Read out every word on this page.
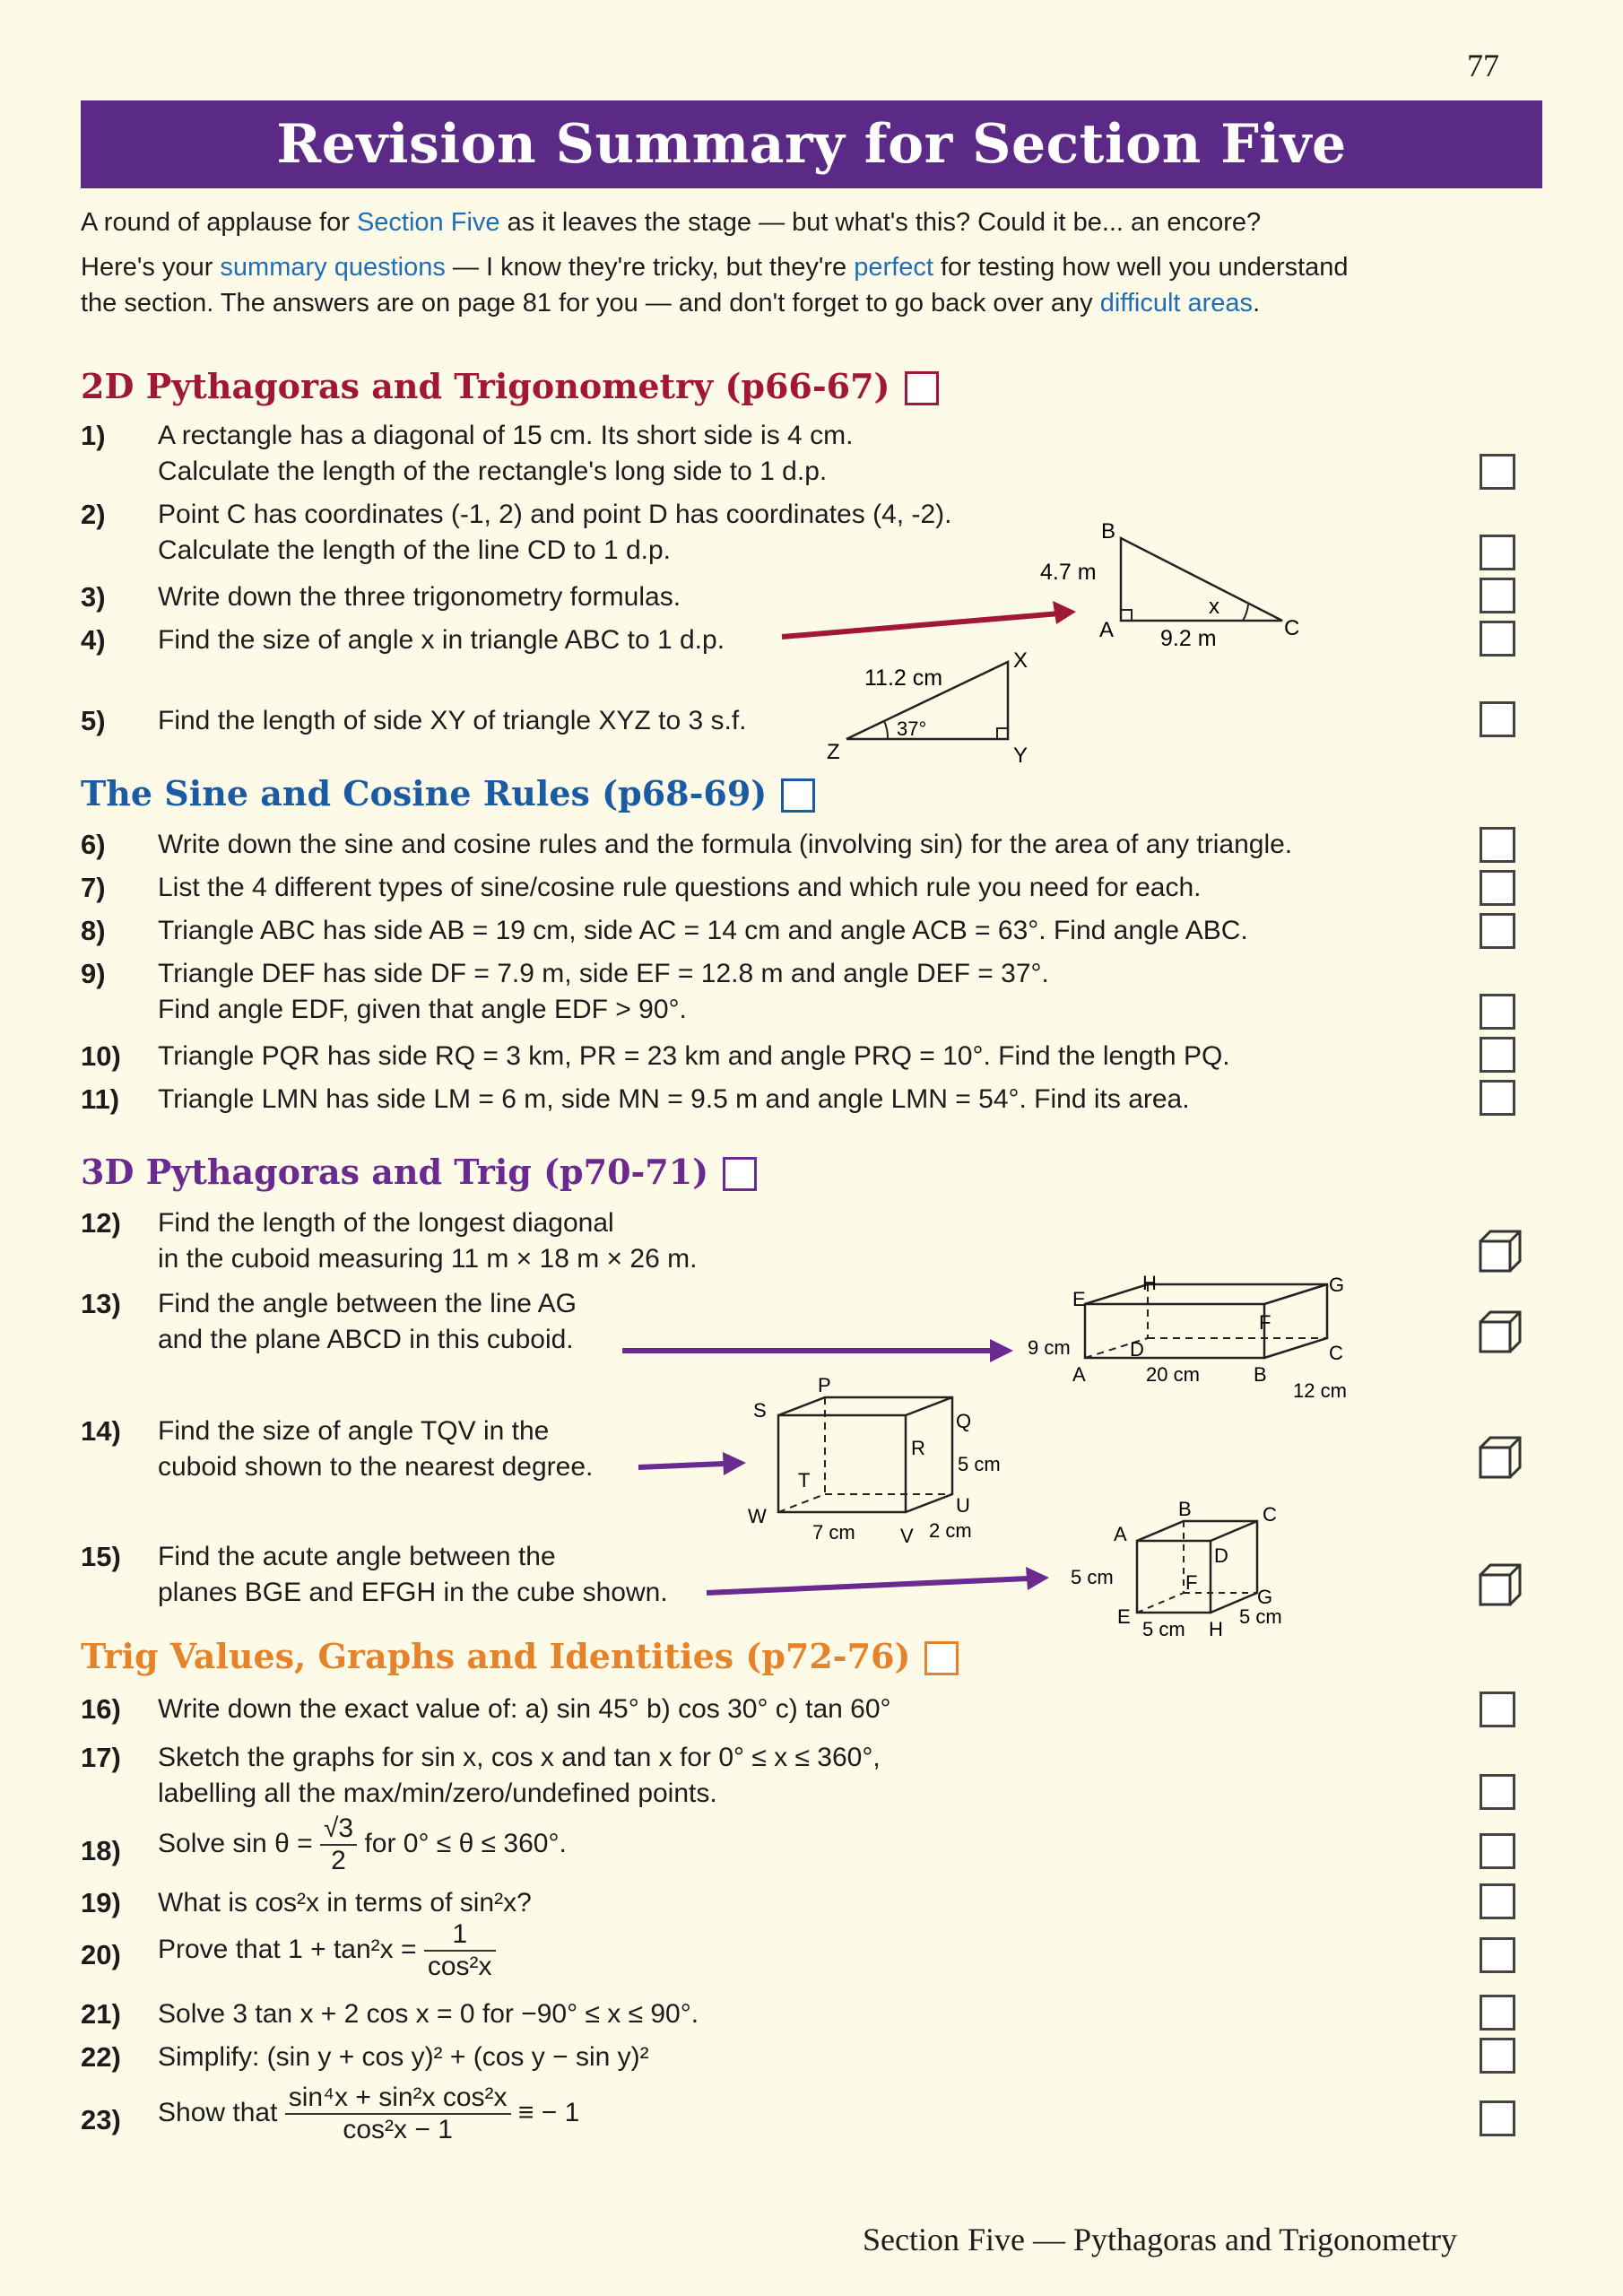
77
Revision Summary for Section Five
A round of applause for Section Five as it leaves the stage — but what's this? Could it be... an encore?
Here's your summary questions — I know they're tricky, but they're perfect for testing how well you understand
the section. The answers are on page 81 for you — and don't forget to go back over any difficult areas.
2D Pythagoras and Trigonometry (p66-67)
1) A rectangle has a diagonal of 15 cm. Its short side is 4 cm.
Calculate the length of the rectangle's long side to 1 d.p.
2) Point C has coordinates (-1, 2) and point D has coordinates (4, -2).
Calculate the length of the line CD to 1 d.p.
3) Write down the three trigonometry formulas.
4) Find the size of angle x in triangle ABC to 1 d.p.
5) Find the length of side XY of triangle XYZ to 3 s.f.
B
A	C
x
4.7 m
9.2 m
X
Y
Z
11.2 cm
37°
The Sine and Cosine Rules (p68-69)
6) Write down the sine and cosine rules and the formula (involving sin) for the area of any triangle.
7) List the 4 different types of sine/cosine rule questions and which rule you need for each.
8) Triangle ABC has side AB = 19 cm, side AC = 14 cm and angle ACB = 63°. Find angle ABC.
9) Triangle DEF has side DF = 7.9 m, side EF = 12.8 m and angle DEF = 37°.
Find angle EDF, given that angle EDF > 90°.
10) Triangle PQR has side RQ = 3 km, PR = 23 km and angle PRQ = 10°. Find the length PQ.
11) Triangle LMN has side LM = 6 m, side MN = 9.5 m and angle LMN = 54°. Find its area.
3D Pythagoras and Trig (p70-71)
12) Find the length of the longest diagonal
in the cuboid measuring 11 m × 18 m × 26 m.
13) Find the angle between the line AG
and the plane ABCD in this cuboid.
14) Find the size of angle TQV in the
cuboid shown to the nearest degree.
15) Find the acute angle between the
planes BGE and EFGH in the cube shown.
H	G
E
F
D	C
A	B
9 cm
20 cm
12 cm
P
S	Q
R
T
W	U
V
7 cm	2 cm
5 cm
A
B	C
D
F
E
H
G
5 cm
5 cm
5 cm
Trig Values, Graphs and Identities (p72-76)
16) Write down the exact value of: a) sin 45° b) cos 30° c) tan 60°
17) Sketch the graphs for sin x, cos x and tan x for 0° ≤ x ≤ 360°,
labelling all the max/min/zero/undefined points.
18) Solve $\sin \theta = \frac{√3}{2}$ for 0° ≤ θ ≤ 360°.
19) What is cos²x in terms of sin²x?
20) Prove that $1 + \tan^2x = \frac{1}{\text{cos²x}}$
21) Solve 3 tan x + 2 cos x = 0 for −90° ≤ x ≤ 90°.
22) Simplify: (sin y + cos y)² + (cos y − sin y)²
23) Show that $\frac{\text{sin⁴x + sin²x cos²x}}{\text{cos²x − 1}}$ ≡ − 1
Section Five — Pythagoras and Trigonometry
